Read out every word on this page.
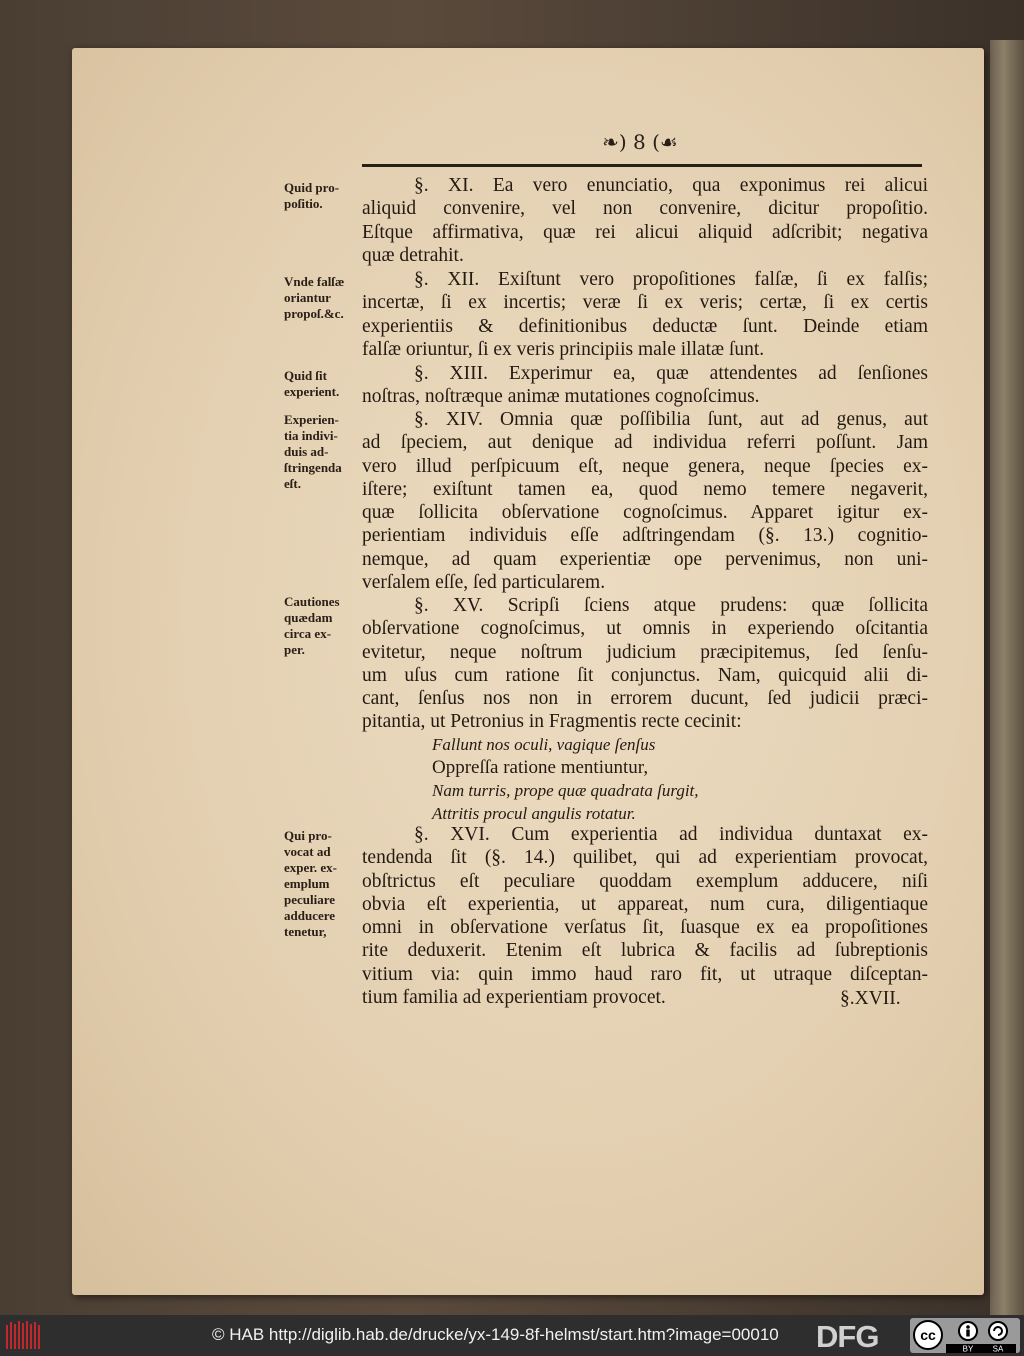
❧) 8 (☙
Quid pro-
poſitio.
Vnde falſæ
oriantur
propoſ.&c.
Quid ſit
experient.
Experien-
tia indivi-
duis ad-
ſtringenda
eſt.
Cautiones
quædam
circa ex-
per.
Qui pro-
vocat ad
exper. ex-
emplum
peculiare
adducere
tenetur,
§. XI. Ea vero enunciatio, qua exponimus rei alicui
aliquid convenire, vel non convenire, dicitur propoſitio.
Eſtque affirmativa, quæ rei alicui aliquid adſcribit; negativa
quæ detrahit.
§. XII. Exiſtunt vero propoſitiones falſæ, ſi ex falſis;
incertæ, ſi ex incertis; veræ ſi ex veris; certæ, ſi ex certis
experientiis & definitionibus deductæ ſunt. Deinde etiam
falſæ oriuntur, ſi ex veris principiis male illatæ ſunt.
§. XIII. Experimur ea, quæ attendentes ad ſenſiones
noſtras, noſtræque animæ mutationes cognoſcimus.
§. XIV. Omnia quæ poſſibilia ſunt, aut ad genus, aut
ad ſpeciem, aut denique ad individua referri poſſunt. Jam
vero illud perſpicuum eſt, neque genera, neque ſpecies ex-
iſtere; exiſtunt tamen ea, quod nemo temere negaverit,
quæ ſollicita obſervatione cognoſcimus. Apparet igitur ex-
perientiam individuis eſſe adſtringendam (§. 13.) cognitio-
nemque, ad quam experientiæ ope pervenimus, non uni-
verſalem eſſe, ſed particularem.
§. XV. Scripſi ſciens atque prudens: quæ ſollicita
obſervatione cognoſcimus, ut omnis in experiendo oſcitantia
evitetur, neque noſtrum judicium præcipitemus, ſed ſenſu-
um uſus cum ratione ſit conjunctus. Nam, quicquid alii di-
cant, ſenſus nos non in errorem ducunt, ſed judicii præci-
pitantia, ut Petronius in Fragmentis recte cecinit:
Fallunt nos oculi, vagique ſenſus
Oppreſſa ratione mentiuntur,
Nam turris, prope quæ quadrata ſurgit,
Attritis procul angulis rotatur.
§. XVI. Cum experientia ad individua duntaxat ex-
tendenda ſit (§. 14.) quilibet, qui ad experientiam provocat,
obſtrictus eſt peculiare quoddam exemplum adducere, niſi
obvia eſt experientia, ut appareat, num cura, diligentiaque
omni in obſervatione verſatus ſit, ſuasque ex ea propoſitiones
rite deduxerit. Etenim eſt lubrica & facilis ad ſubreptionis
vitium via: quin immo haud raro fit, ut utraque diſceptan-
tium familia ad experientiam provocet.	§.XVII.
© HAB http://diglib.hab.de/drucke/yx-149-8f-helmst/start.htm?image=00010 DFG	cc
BY SA
